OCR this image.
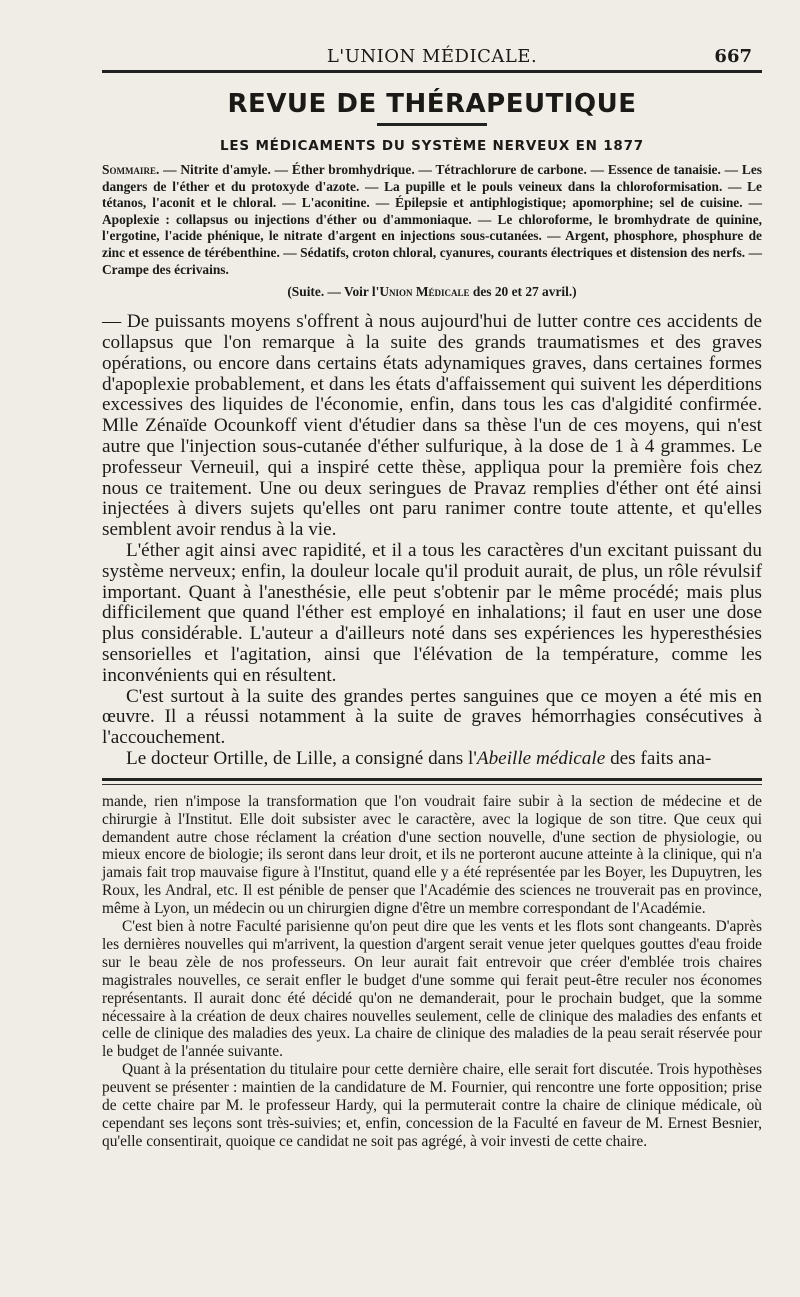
L'UNION MÉDICALE.	667
REVUE DE THÉRAPEUTIQUE
LES MÉDICAMENTS DU SYSTÈME NERVEUX EN 1877
Sommaire. — Nitrite d'amyle. — Éther bromhydrique. — Tétrachlorure de carbone. — Essence de tanaisie. — Les dangers de l'éther et du protoxyde d'azote. — La pupille et le pouls veineux dans la chloroformisation. — Le tétanos, l'aconit et le chloral. — L'aconitine. — Épilepsie et antiphlogistique; apomorphine; sel de cuisine. — Apoplexie : collapsus ou injections d'éther ou d'ammoniaque. — Le chloroforme, le bromhydrate de quinine, l'ergotine, l'acide phénique, le nitrate d'argent en injections sous-cutanées. — Argent, phosphore, phosphure de zinc et essence de térébenthine. — Sédatifs, croton chloral, cyanures, courants électriques et distension des nerfs. — Crampe des écrivains.
(Suite. — Voir l'Union Médicale des 20 et 27 avril.)

— De puissants moyens s'offrent à nous aujourd'hui de lutter contre ces accidents de collapsus que l'on remarque à la suite des grands traumatismes et des graves opérations, ou encore dans certains états adynamiques graves, dans certaines formes d'apoplexie probablement, et dans les états d'affaissement qui suivent les déperditions excessives des liquides de l'économie, enfin, dans tous les cas d'algidité confirmée. Mlle Zénaïde Ocounkoff vient d'étudier dans sa thèse l'un de ces moyens, qui n'est autre que l'injection sous-cutanée d'éther sulfurique, à la dose de 1 à 4 grammes. Le professeur Verneuil, qui a inspiré cette thèse, appliqua pour la première fois chez nous ce traitement. Une ou deux seringues de Pravaz remplies d'éther ont été ainsi injectées à divers sujets qu'elles ont paru ranimer contre toute attente, et qu'elles semblent avoir rendus à la vie.

L'éther agit ainsi avec rapidité, et il a tous les caractères d'un excitant puissant du système nerveux; enfin, la douleur locale qu'il produit aurait, de plus, un rôle révulsif important. Quant à l'anesthésie, elle peut s'obtenir par le même procédé; mais plus difficilement que quand l'éther est employé en inhalations; il faut en user une dose plus considérable. L'auteur a d'ailleurs noté dans ses expériences les hyperesthésies sensorielles et l'agitation, ainsi que l'élévation de la température, comme les inconvénients qui en résultent.

C'est surtout à la suite des grandes pertes sanguines que ce moyen a été mis en œuvre. Il a réussi notamment à la suite de graves hémorrhagies consécutives à l'accouchement.

Le docteur Ortille, de Lille, a consigné dans l'Abeille médicale des faits ana-

mande, rien n'impose la transformation que l'on voudrait faire subir à la section de médecine et de chirurgie à l'Institut. Elle doit subsister avec le caractère, avec la logique de son titre. Que ceux qui demandent autre chose réclament la création d'une section nouvelle, d'une section de physiologie, ou mieux encore de biologie; ils seront dans leur droit, et ils ne porteront aucune atteinte à la clinique, qui n'a jamais fait trop mauvaise figure à l'Institut, quand elle y a été représentée par les Boyer, les Dupuytren, les Roux, les Andral, etc. Il est pénible de penser que l'Académie des sciences ne trouverait pas en province, même à Lyon, un médecin ou un chirurgien digne d'être un membre correspondant de l'Académie.

C'est bien à notre Faculté parisienne qu'on peut dire que les vents et les flots sont changeants. D'après les dernières nouvelles qui m'arrivent, la question d'argent serait venue jeter quelques gouttes d'eau froide sur le beau zèle de nos professeurs. On leur aurait fait entrevoir que créer d'emblée trois chaires magistrales nouvelles, ce serait enfler le budget d'une somme qui ferait peut-être reculer nos économes représentants. Il aurait donc été décidé qu'on ne demanderait, pour le prochain budget, que la somme nécessaire à la création de deux chaires nouvelles seulement, celle de clinique des maladies des enfants et celle de clinique des maladies des yeux. La chaire de clinique des maladies de la peau serait réservée pour le budget de l'année suivante.

Quant à la présentation du titulaire pour cette dernière chaire, elle serait fort discutée. Trois hypothèses peuvent se présenter : maintien de la candidature de M. Fournier, qui rencontre une forte opposition; prise de cette chaire par M. le professeur Hardy, qui la permuterait contre la chaire de clinique médicale, où cependant ses leçons sont très-suivies; et, enfin, concession de la Faculté en faveur de M. Ernest Besnier, qu'elle consentirait, quoique ce candidat ne soit pas agrégé, à voir investi de cette chaire.
